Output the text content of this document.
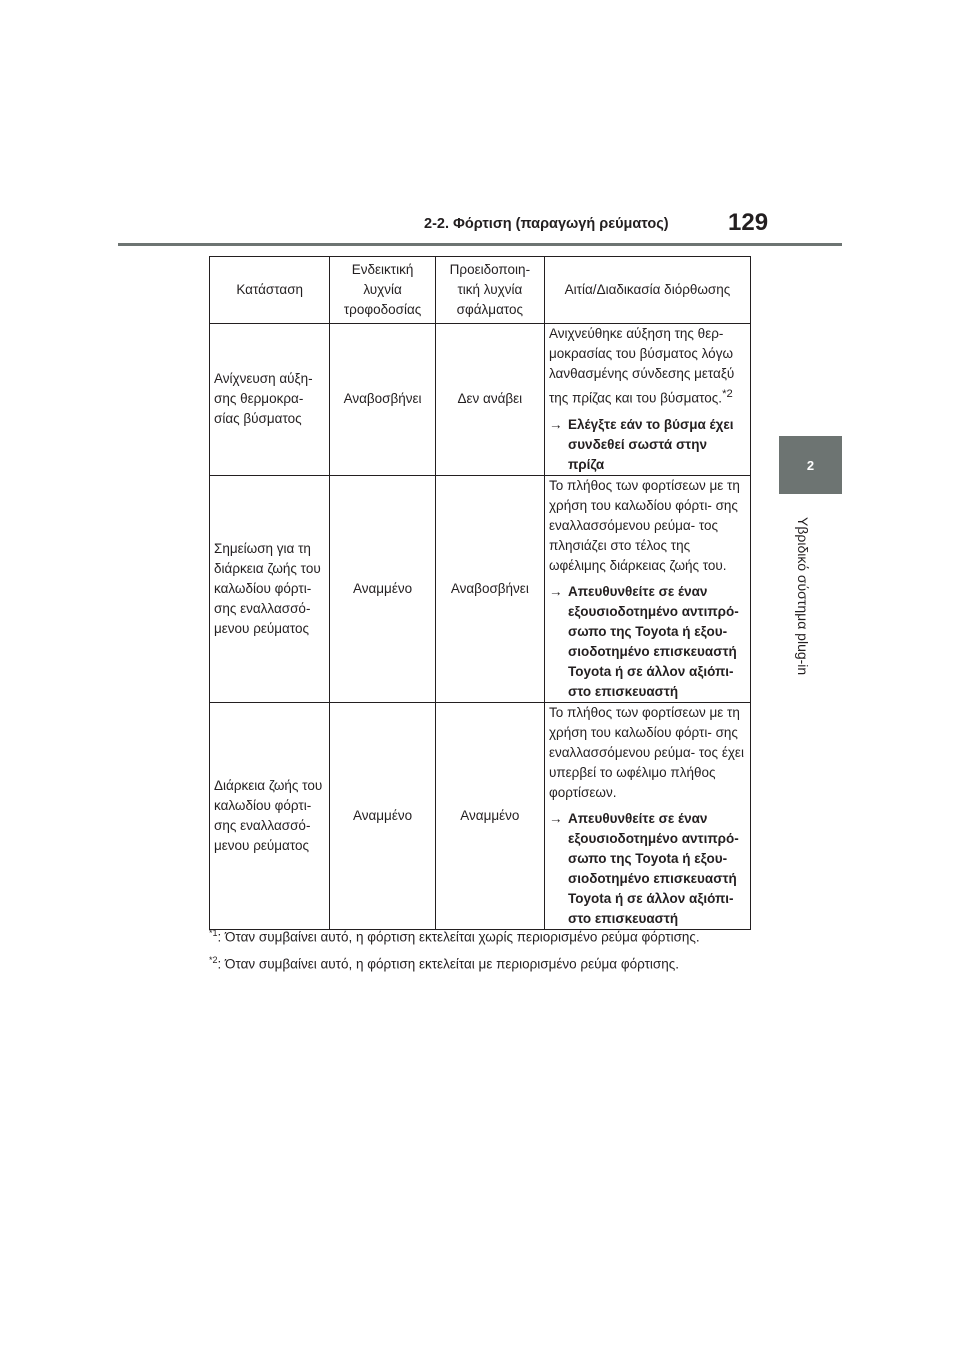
2-2. Φόρτιση (παραγωγή ρεύματος)	129
2
Υβριδικό σύστημα plug-in
Κατάσταση	Ενδεικτική λυχνία τροφοδοσίας	Προειδοποιη- τική λυχνία σφάλματος	Αιτία/Διαδικασία διόρθωσης
Ανίχνευση αύξη- σης θερμοκρα- σίας βύσματος	Αναβοσβήνει	Δεν ανάβει	Ανιχνεύθηκε αύξηση της θερ- μοκρασίας του βύσματος λόγω λανθασμένης σύνδεσης μεταξύ της πρίζας και του βύσματος.$^{*2}$
→ Ελέγξτε εάν το βύσμα έχει συνδεθεί σωστά στην πρίζα

Σημείωση για τη διάρκεια ζωής του καλωδίου φόρτι- σης εναλλασσό- μενου ρεύματος	Αναμμένο	Αναβοσβήνει	Το πλήθος των φορτίσεων με τη χρήση του καλωδίου φόρτι- σης εναλλασσόμενου ρεύμα- τος πλησιάζει στο τέλος της ωφέλιμης διάρκειας ζωής του.
→ Απευθυνθείτε σε έναν εξουσιοδοτημένο αντιπρό- σωπο της Toyota ή εξου- σιοδοτημένο επισκευαστή Toyota ή σε άλλον αξιόπι- στο επισκευαστή

Διάρκεια ζωής του καλωδίου φόρτι- σης εναλλασσό- μενου ρεύματος	Αναμμένο	Αναμμένο	Το πλήθος των φορτίσεων με τη χρήση του καλωδίου φόρτι- σης εναλλασσόμενου ρεύμα- τος έχει υπερβεί το ωφέλιμο πλήθος φορτίσεων.
→ Απευθυνθείτε σε έναν εξουσιοδοτημένο αντιπρό- σωπο της Toyota ή εξου- σιοδοτημένο επισκευαστή Toyota ή σε άλλον αξιόπι- στο επισκευαστή
$^{*1}$: Όταν συμβαίνει αυτό, η φόρτιση εκτελείται χωρίς περιορισμένο ρεύμα φόρτισης.
$^{*2}$: Όταν συμβαίνει αυτό, η φόρτιση εκτελείται με περιορισμένο ρεύμα φόρτισης.
